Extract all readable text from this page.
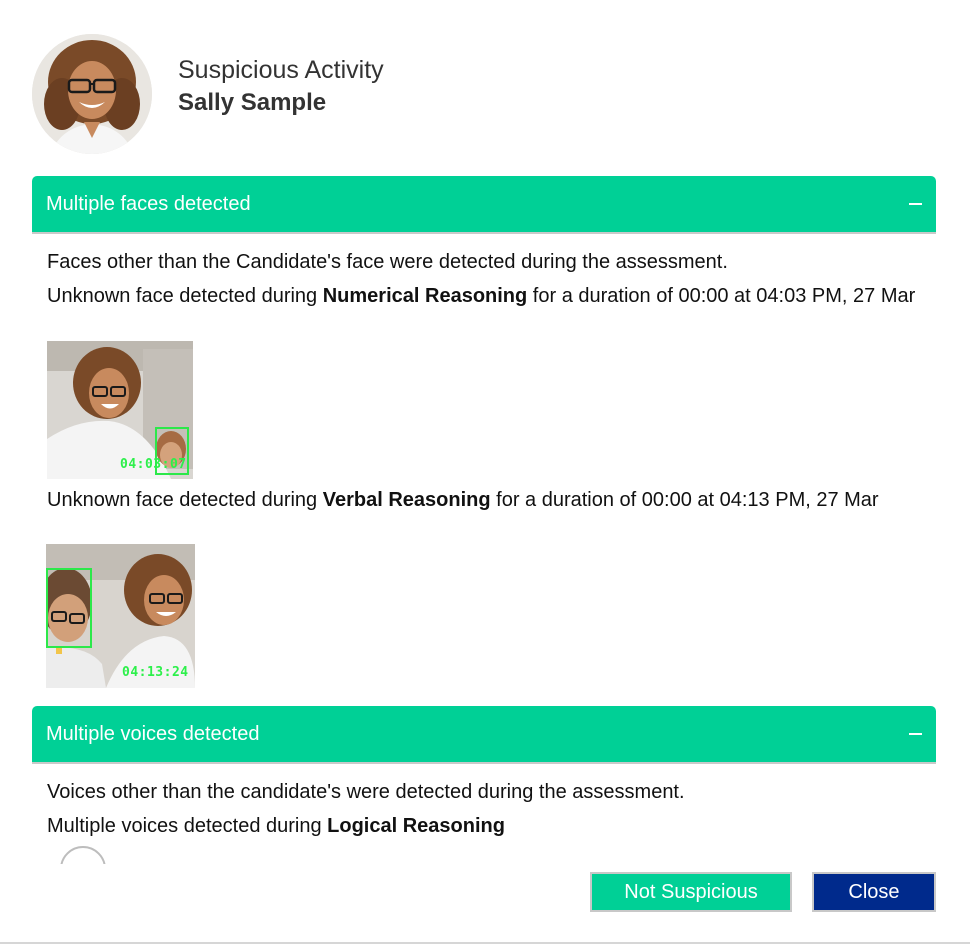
Suspicious Activity
Sally Sample
Multiple faces detected
Faces other than the Candidate's face were detected during the assessment.
Unknown face detected during Numerical Reasoning for a duration of 00:00 at 04:03 PM, 27 Mar
04:03:07
Unknown face detected during Verbal Reasoning for a duration of 00:00 at 04:13 PM, 27 Mar
04:13:24
Multiple voices detected
Voices other than the candidate's were detected during the assessment.
Multiple voices detected during Logical Reasoning
Not Suspicious	Close
